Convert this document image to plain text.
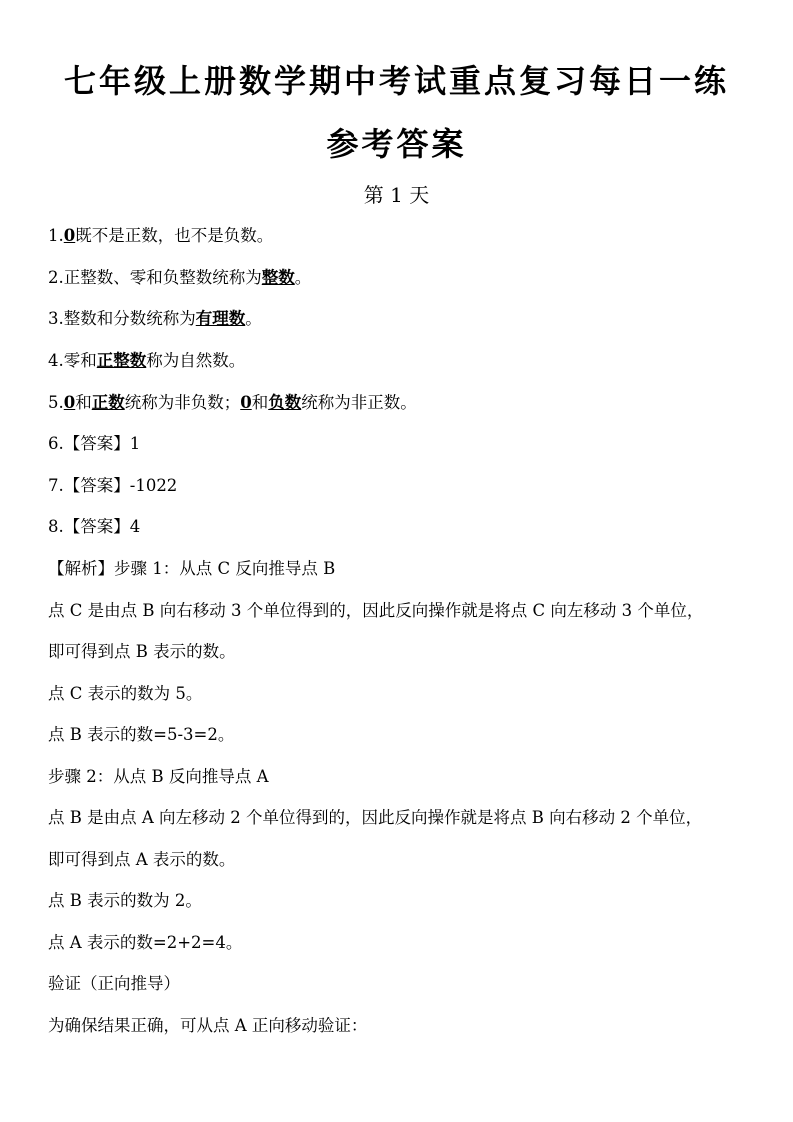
七年级上册数学期中考试重点复习每日一练
参考答案
第 1 天
1.0既不是正数，也不是负数。
2.正整数、零和负整数统称为整数。
3.整数和分数统称为有理数。
4.零和正整数称为自然数。
5.0和正数统称为非负数；0和负数统称为非正数。
6.【答案】1
7.【答案】-1022
8.【答案】4
【解析】步骤 1：从点 C 反向推导点 B
点 C 是由点 B 向右移动 3 个单位得到的，因此反向操作就是将点 C 向左移动 3 个单位，
即可得到点 B 表示的数。
点 C 表示的数为 5。
点 B 表示的数=5-3=2。
步骤 2：从点 B 反向推导点 A
点 B 是由点 A 向左移动 2 个单位得到的，因此反向操作就是将点 B 向右移动 2 个单位，
即可得到点 A 表示的数。
点 B 表示的数为 2。
点 A 表示的数=2+2=4。
验证（正向推导）
为确保结果正确，可从点 A 正向移动验证：
